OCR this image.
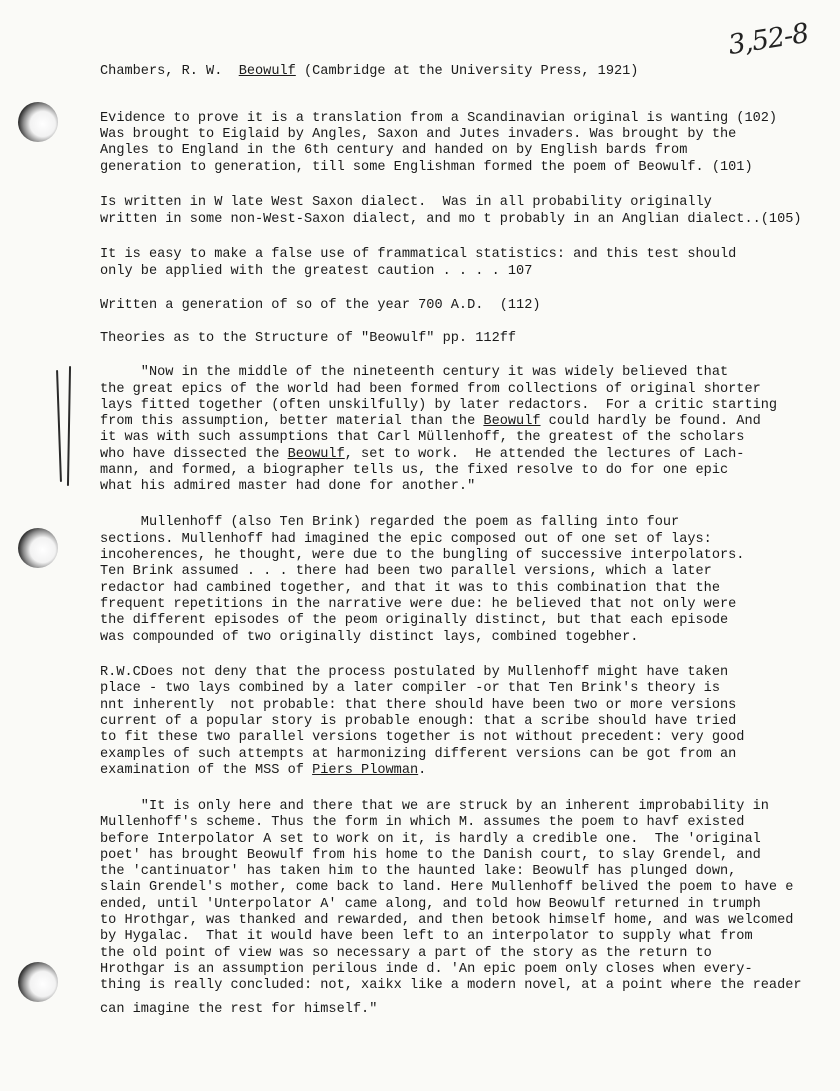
3,52-8
Chambers, R. W. Beowulf (Cambridge at the University Press, 1921)
Evidence to prove it is a translation from a Scandinavian original is wanting (102)
Was brought to Eiglaid by Angles, Saxon and Jutes invaders. Was brought by the
Angles to England in the 6th century and handed on by English bards from
generation to generation, till some Englishman formed the poem of Beowulf. (101)
Is written in W late West Saxon dialect.  Was in all probability originally
written in some non-West-Saxon dialect, and mo t probably in an Anglian dialect..(105)
It is easy to make a false use of frammatical statistics: and this test should
only be applied with the greatest caution . . . . 107
Written a generation of so of the year 700 A.D.  (112)
Theories as to the Structure of "Beowulf" pp. 112ff
"Now in the middle of the nineteenth century it was widely believed that
the great epics of the world had been formed from collections of original shorter
lays fitted together (often unskilfully) by later redactors.  For a critic starting
from this assumption, better material than the Beowulf could hardly be found. And
it was with such assumptions that Carl Müllenhoff, the greatest of the scholars
who have dissected the Beowulf, set to work.  He attended the lectures of Lach-
mann, and formed, a biographer tells us, the fixed resolve to do for one epic
what his admired master had done for another."
Mullenhoff (also Ten Brink) regarded the poem as falling into four
sections. Mullenhoff had imagined the epic composed out of one set of lays:
incoherences, he thought, were due to the bungling of successive interpolators.
Ten Brink assumed . . . there had been two parallel versions, which a later
redactor had cambined together, and that it was to this combination that the
frequent repetitions in the narrative were due: he believed that not only were
the different episodes of the peom originally distinct, but that each episode
was compounded of two originally distinct lays, combined togebher.
R.W.CDoes not deny that the process postulated by Mullenhoff might have taken
place - two lays combined by a later compiler -or that Ten Brink's theory is
nnt inherently  not probable: that there should have been two or more versions
current of a popular story is probable enough: that a scribe should have tried
to fit these two parallel versions together is not without precedent: very good
examples of such attempts at harmonizing different versions can be got from an
examination of the MSS of Piers Plowman.
"It is only here and there that we are struck by an inherent improbability in
Mullenhoff's scheme. Thus the form in which M. assumes the poem to havf existed
before Interpolator A set to work on it, is hardly a credible one.  The 'original
poet' has brought Beowulf from his home to the Danish court, to slay Grendel, and
the 'cantinuator' has taken him to the haunted lake: Beowulf has plunged down,
slain Grendel's mother, come back to land. Here Mullenhoff belived the poem to have e
ended, until 'Unterpolator A' came along, and told how Beowulf returned in trumph
to Hrothgar, was thanked and rewarded, and then betook himself home, and was welcomed
by Hygalac.  That it would have been left to an interpolator to supply what from
the old point of view was so necessary a part of the story as the return to
Hrothgar is an assumption perilous inde d. 'An epic poem only closes when every-
thing is really concluded: not, xaikx like a modern novel, at a point where the reader
can imagine the rest for himself."
